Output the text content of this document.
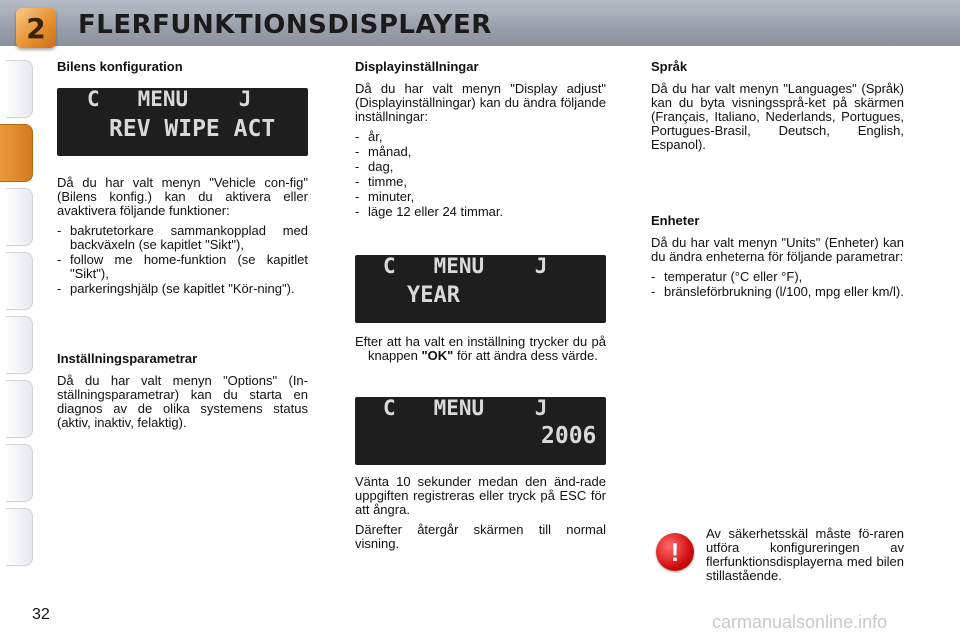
2 FLERFUNKTIONSDISPLAYER
Bilens konfiguration
C   MENU    J
REV WIPE ACT

Då du har valt menyn "Vehicle con-fig" (Bilens konfig.) kan du aktivera eller avaktivera följande funktioner:

- bakrutetorkare sammankopplad med backväxeln (se kapitlet "Sikt"),
- follow me home-funktion (se kapitlet "Sikt"),
- parkeringshjälp (se kapitlet "Kör-ning").
Inställningsparametrar

Då du har valt menyn "Options" (In-ställningsparametrar) kan du starta en diagnos av de olika systemens status (aktiv, inaktiv, felaktig).

Displayinställningar

Då du har valt menyn "Display adjust" (Displayinställningar) kan du ändra följande inställningar:

- år,
- månad,
- dag,
- timme,
- minuter,
- läge 12 eller 24 timmar.
C   MENU    J
YEAR

Efter att ha valt en inställning trycker du på knappen "OK" för att ändra dess värde.

C   MENU    J
2006

Vänta 10 sekunder medan den änd-rade uppgiften registreras eller tryck på ESC för att ångra.

Därefter återgår skärmen till normal visning.

Språk

Då du har valt menyn "Languages" (Språk) kan du byta visningssprå-ket på skärmen (Français, Italiano, Nederlands, Portugues, Portugues-Brasil, Deutsch, English, Espanol).

Enheter

Då du har valt menyn "Units" (Enheter) kan du ändra enheterna för följande parametrar:

- temperatur (°C eller °F),
- bränsleförbrukning (l/100, mpg eller km/l).
!
Av säkerhetsskäl måste fö-raren utföra konfigureringen av flerfunktionsdisplayerna med bilen stillastående.
32	carmanualsonline.info
